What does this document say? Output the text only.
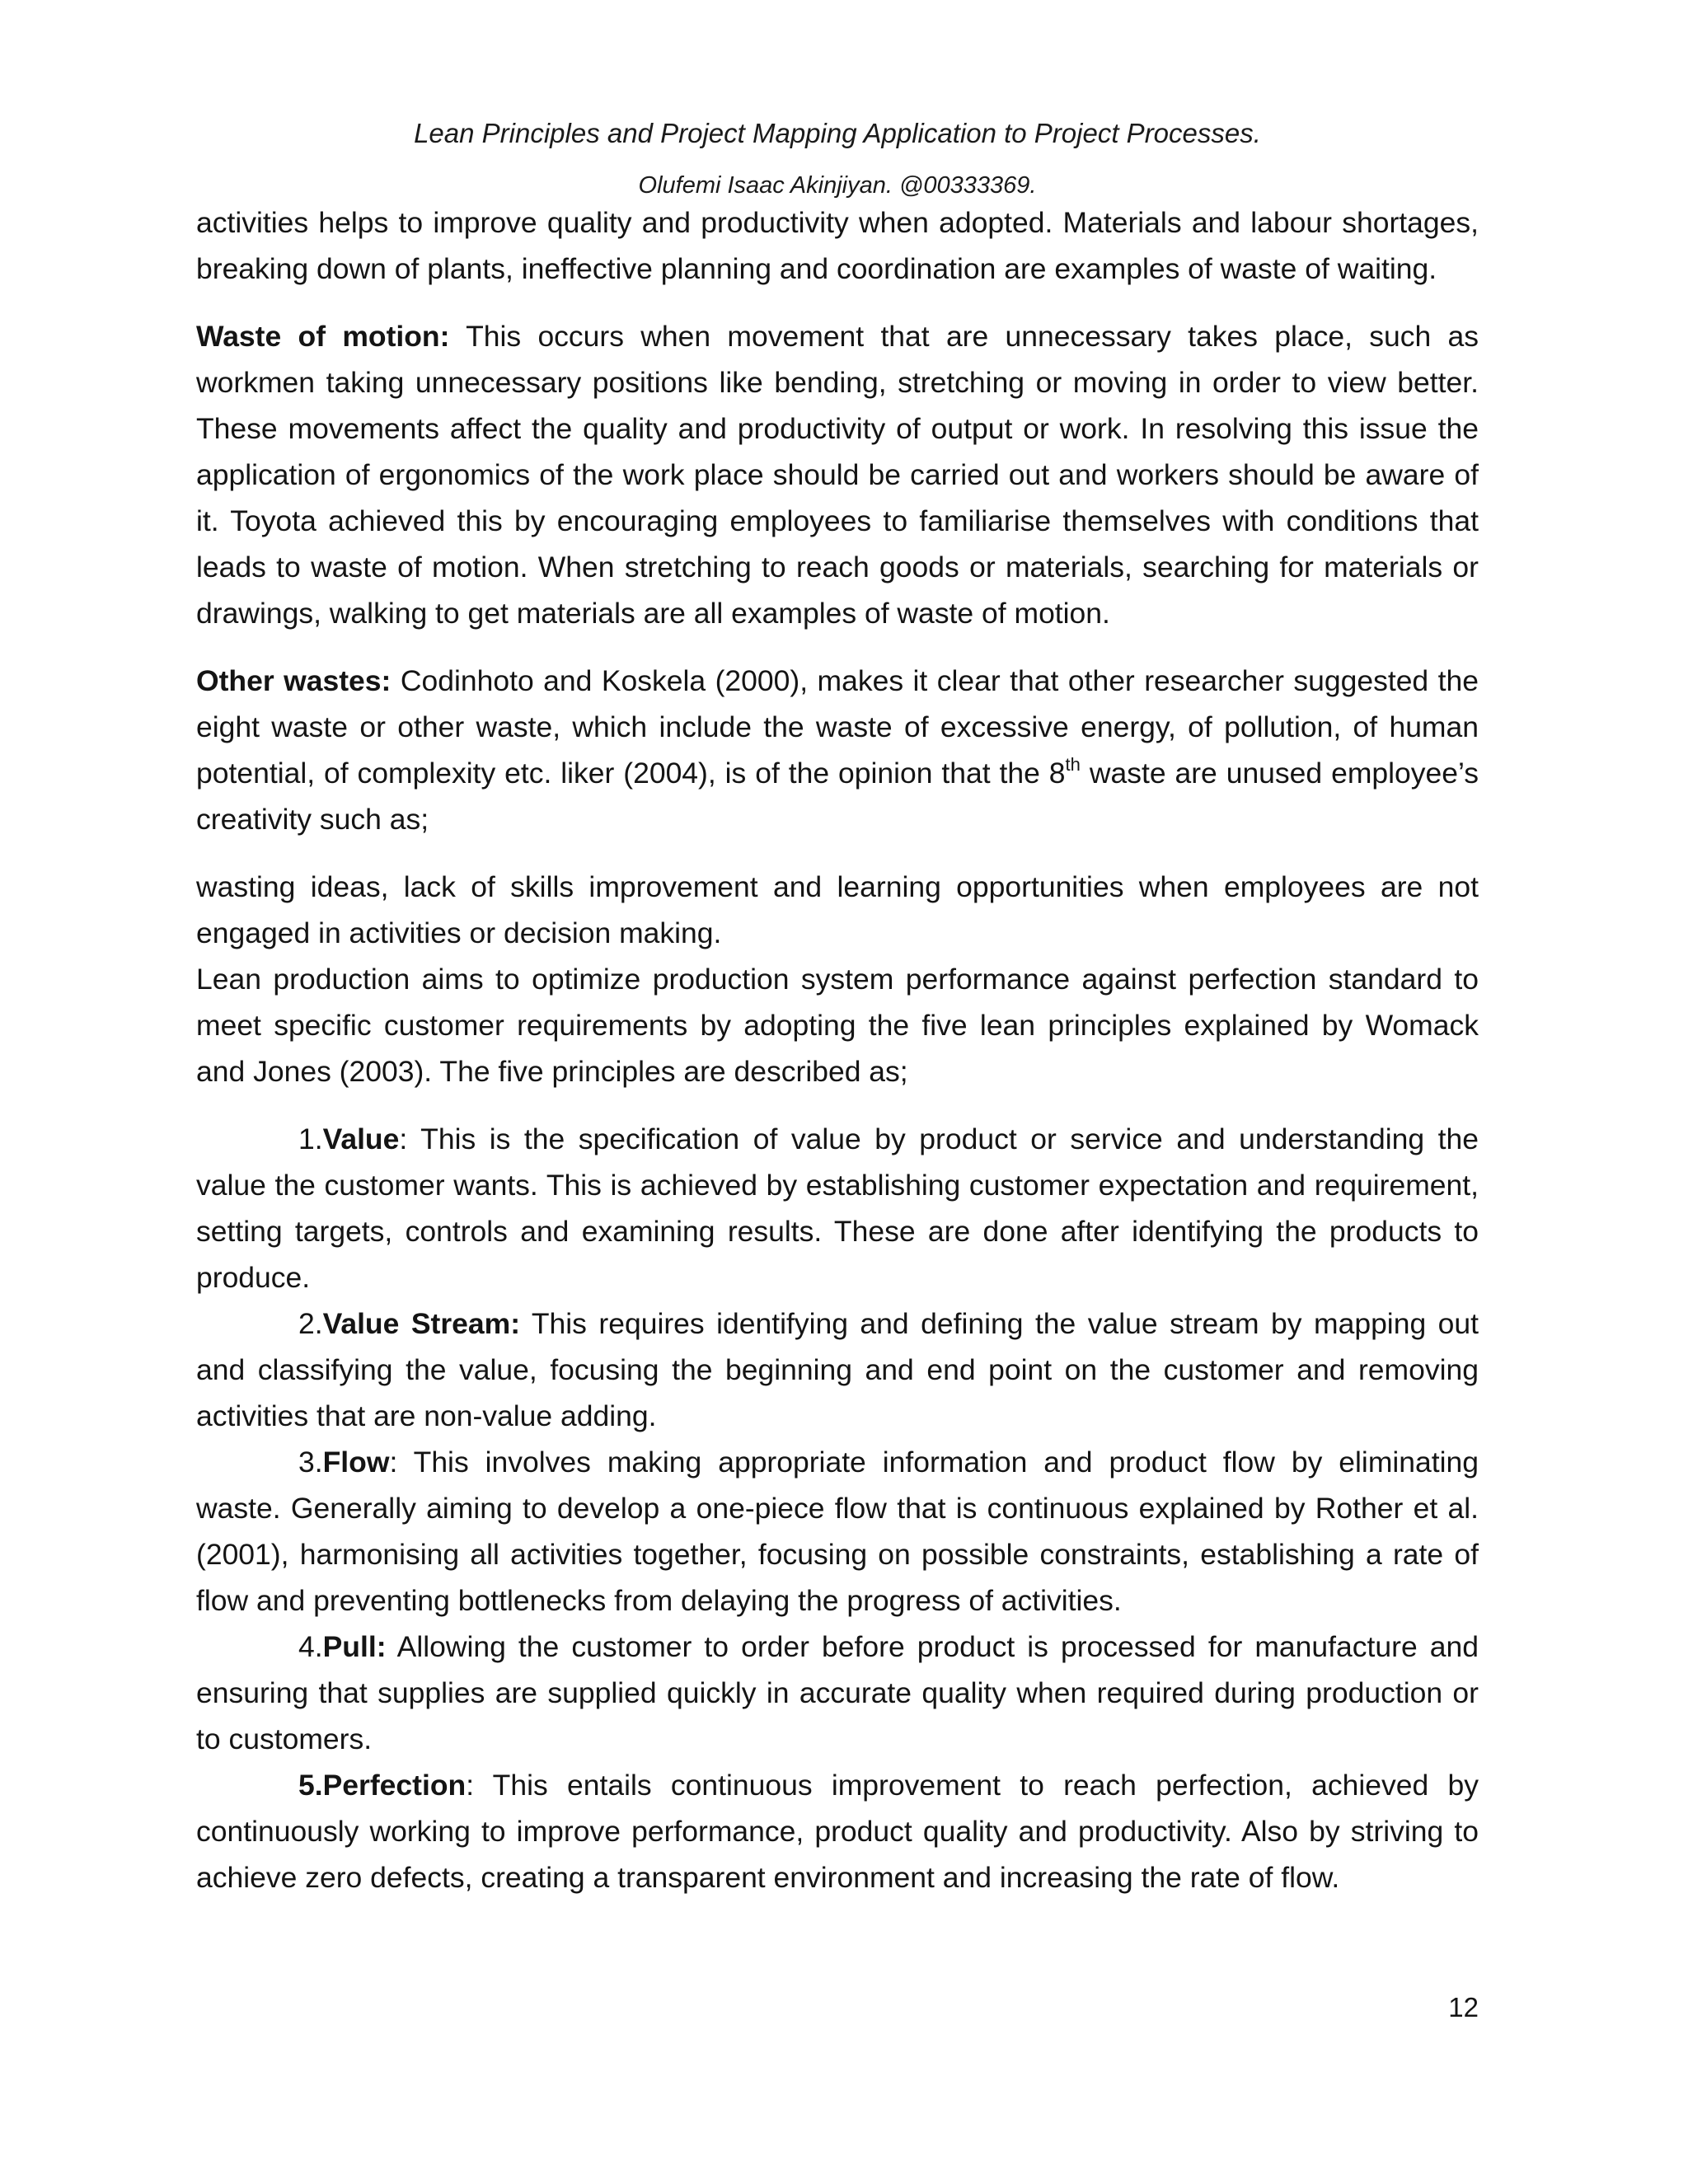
Lean Principles and Project Mapping Application to Project Processes.
Olufemi Isaac Akinjiyan. @00333369.

activities helps to improve quality and productivity when adopted. Materials and labour shortages, breaking down of plants, ineffective planning and coordination are examples of waste of waiting.

Waste of motion: This occurs when movement that are unnecessary takes place, such as workmen taking unnecessary positions like bending, stretching or moving in order to view better. These movements affect the quality and productivity of output or work. In resolving this issue the application of ergonomics of the work place should be carried out and workers should be aware of it. Toyota achieved this by encouraging employees to familiarise themselves with conditions that leads to waste of motion. When stretching to reach goods or materials, searching for materials or drawings, walking to get materials are all examples of waste of motion.

Other wastes: Codinhoto and Koskela (2000), makes it clear that other researcher suggested the eight waste or other waste, which include the waste of excessive energy, of pollution, of human potential, of complexity etc. liker (2004), is of the opinion that the 8th waste are unused employee’s creativity such as;

wasting ideas, lack of skills improvement and learning opportunities when employees are not engaged in activities or decision making.

Lean production aims to optimize production system performance against perfection standard to meet specific customer requirements by adopting the five lean principles explained by Womack and Jones (2003). The five principles are described as;

1.Value: This is the specification of value by product or service and understanding the value the customer wants. This is achieved by establishing customer expectation and requirement, setting targets, controls and examining results. These are done after identifying the products to produce.

2.Value Stream: This requires identifying and defining the value stream by mapping out and classifying the value, focusing the beginning and end point on the customer and removing activities that are non-value adding.

3.Flow: This involves making appropriate information and product flow by eliminating waste. Generally aiming to develop a one-piece flow that is continuous explained by Rother et al. (2001), harmonising all activities together, focusing on possible constraints, establishing a rate of flow and preventing bottlenecks from delaying the progress of activities.

4.Pull: Allowing the customer to order before product is processed for manufacture and ensuring that supplies are supplied quickly in accurate quality when required during production or to customers.

5.Perfection: This entails continuous improvement to reach perfection, achieved by continuously working to improve performance, product quality and productivity. Also by striving to achieve zero defects, creating a transparent environment and increasing the rate of flow.

12
